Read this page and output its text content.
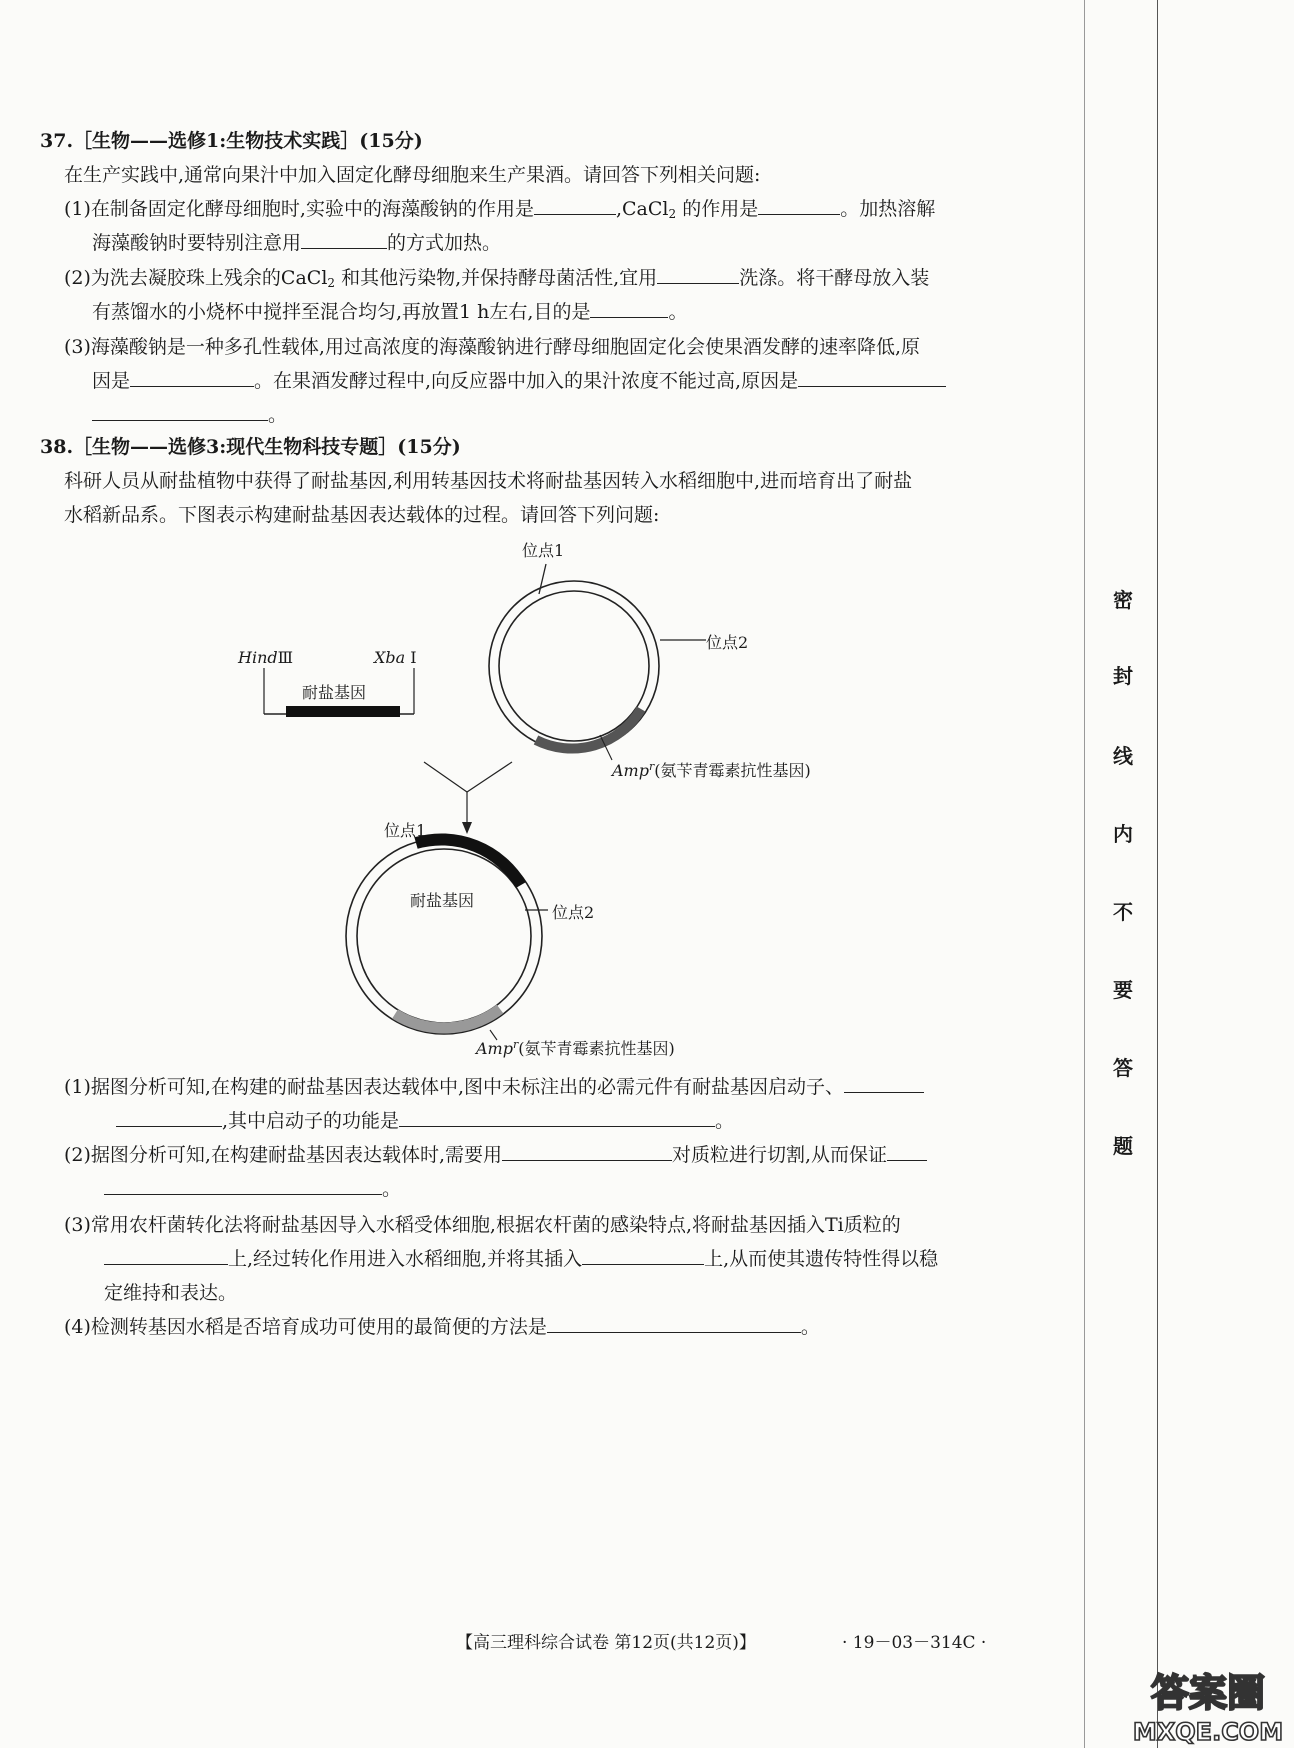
37.［生物——选修1:生物技术实践］(15分)
在生产实践中,通常向果汁中加入固定化酵母细胞来生产果酒。请回答下列相关问题:
(1)在制备固定化酵母细胞时,实验中的海藻酸钠的作用是	,CaCl$_2$ 的作用是	。加热溶解
海藻酸钠时要特别注意用	的方式加热。
(2)为洗去凝胶珠上残余的CaCl$_2$ 和其他污染物,并保持酵母菌活性,宜用	洗涤。将干酵母放入装
有蒸馏水的小烧杯中搅拌至混合均匀,再放置1 h左右,目的是	。
(3)海藻酸钠是一种多孔性载体,用过高浓度的海藻酸钠进行酵母细胞固定化会使果酒发酵的速率降低,原
因是	。在果酒发酵过程中,向反应器中加入的果汁浓度不能过高,原因是
。
38.［生物——选修3:现代生物科技专题］(15分)
科研人员从耐盐植物中获得了耐盐基因,利用转基因技术将耐盐基因转入水稻细胞中,进而培育出了耐盐
水稻新品系。下图表示构建耐盐基因表达载体的过程。请回答下列问题:
位点1
位点2
HindⅢ	Xba Ⅰ
耐盐基因
Amp$^r$(氨苄青霉素抗性基因)
位点1
位点2
耐盐基因
Amp$^r$(氨苄青霉素抗性基因)
(1)据图分析可知,在构建的耐盐基因表达载体中,图中未标注出的必需元件有耐盐基因启动子、
,其中启动子的功能是	。
(2)据图分析可知,在构建耐盐基因表达载体时,需要用	对质粒进行切割,从而保证
。
(3)常用农杆菌转化法将耐盐基因导入水稻受体细胞,根据农杆菌的感染特点,将耐盐基因插入Ti质粒的
上,经过转化作用进入水稻细胞,并将其插入	上,从而使其遗传特性得以稳
定维持和表达。
(4)检测转基因水稻是否培育成功可使用的最简便的方法是	。
密
封
线
内
不
要
答
题
【高三理科综合试卷 第12页(共12页)】	· 19－03－314C ·
答案圈
MXQE.COM
